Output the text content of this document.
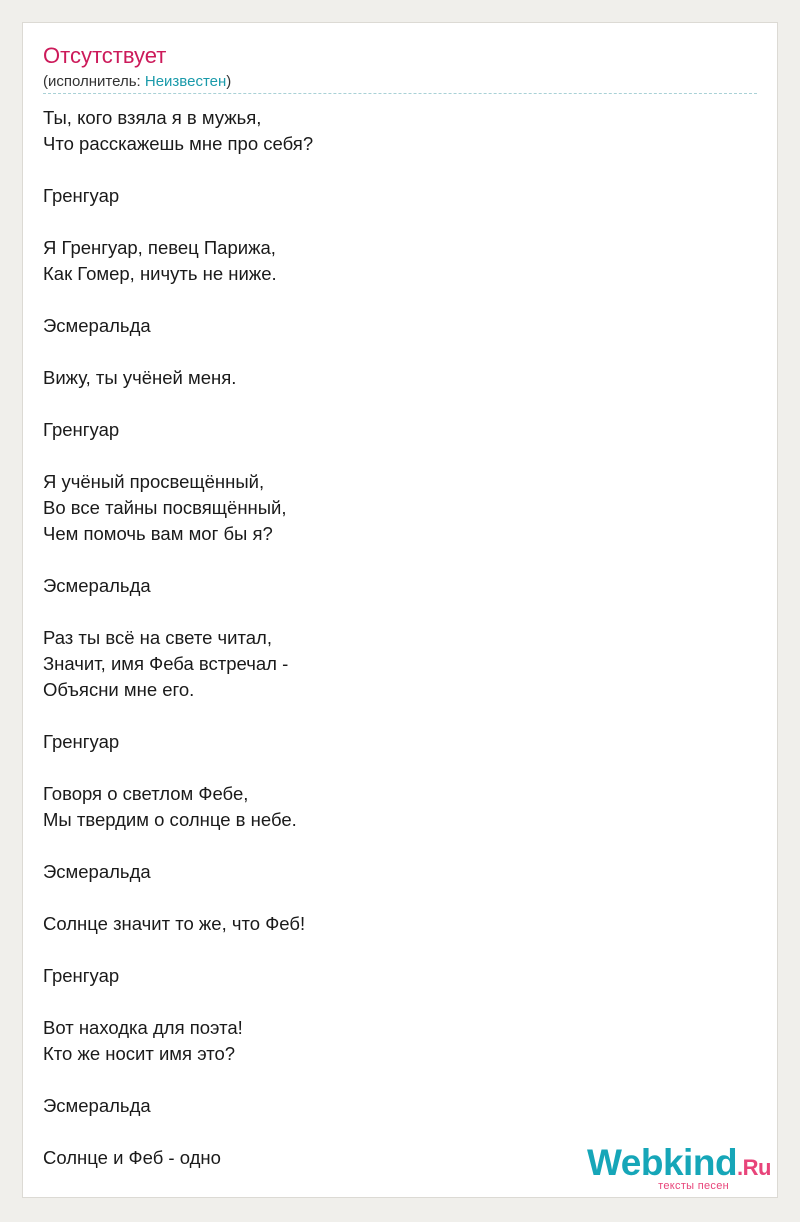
Отсутствует
(исполнитель: Неизвестен)
Ты, кого взяла я в мужья,
Что расскажешь мне про себя?

Гренгуар

Я Гренгуар, певец Парижа,
Как Гомер, ничуть не ниже.

Эсмеральда

Вижу, ты учёней меня.

Гренгуар

Я учёный просвещённый,
Во все тайны посвящённый,
Чем помочь вам мог бы я?

Эсмеральда

Раз ты всё на свете читал,
Значит, имя Феба встречал -
Объясни мне его.

Гренгуар

Говоря о светлом Фебе,
Мы твердим о солнце в небе.

Эсмеральда

Солнце значит то же, что Феб!

Гренгуар

Вот находка для поэта!
Кто же носит имя это?

Эсмеральда

Солнце и Феб - одно	Webkind.Ru
тексты песен
